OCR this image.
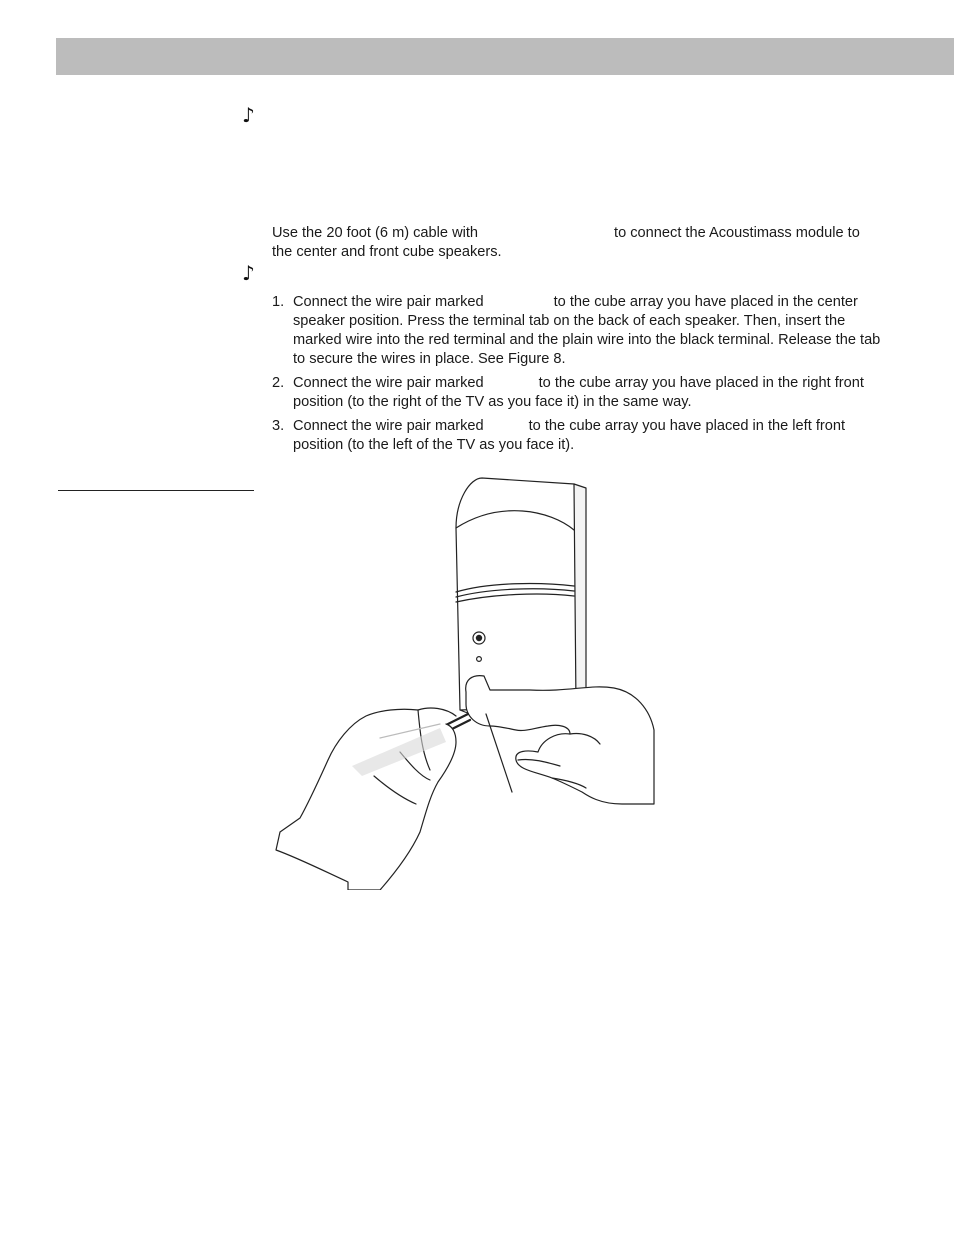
♪
♪
Use the 20 foot (6 m) cable with	to connect the Acoustimass module to
the center and front cube speakers.
1. Connect the wire pair marked	to the cube array you have placed in the center
speaker position. Press the terminal tab on the back of each speaker. Then, insert the
marked wire into the red terminal and the plain wire into the black terminal. Release the tab
to secure the wires in place. See Figure 8.
2. Connect the wire pair marked	to the cube array you have placed in the right front
position (to the right of the TV as you face it) in the same way.
3. Connect the wire pair marked	to the cube array you have placed in the left front
position (to the left of the TV as you face it).
